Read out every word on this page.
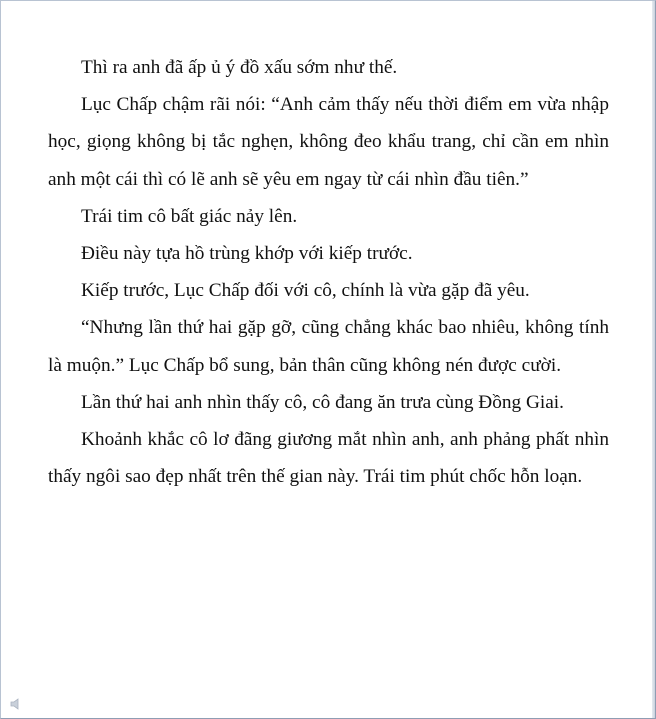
Thì ra anh đã ấp ủ ý đồ xấu sớm như thế.

Lục Chấp chậm rãi nói: “Anh cảm thấy nếu thời điểm em vừa nhập học, giọng không bị tắc nghẹn, không đeo khẩu trang, chỉ cần em nhìn anh một cái thì có lẽ anh sẽ yêu em ngay từ cái nhìn đầu tiên.”

Trái tim cô bất giác nảy lên.

Điều này tựa hồ trùng khớp với kiếp trước.

Kiếp trước, Lục Chấp đối với cô, chính là vừa gặp đã yêu.

“Nhưng lần thứ hai gặp gỡ, cũng chẳng khác bao nhiêu, không tính là muộn.” Lục Chấp bổ sung, bản thân cũng không nén được cười.

Lần thứ hai anh nhìn thấy cô, cô đang ăn trưa cùng Đồng Giai.

Khoảnh khắc cô lơ đãng giương mắt nhìn anh, anh phảng phất nhìn thấy ngôi sao đẹp nhất trên thế gian này. Trái tim phút chốc hỗn loạn.
